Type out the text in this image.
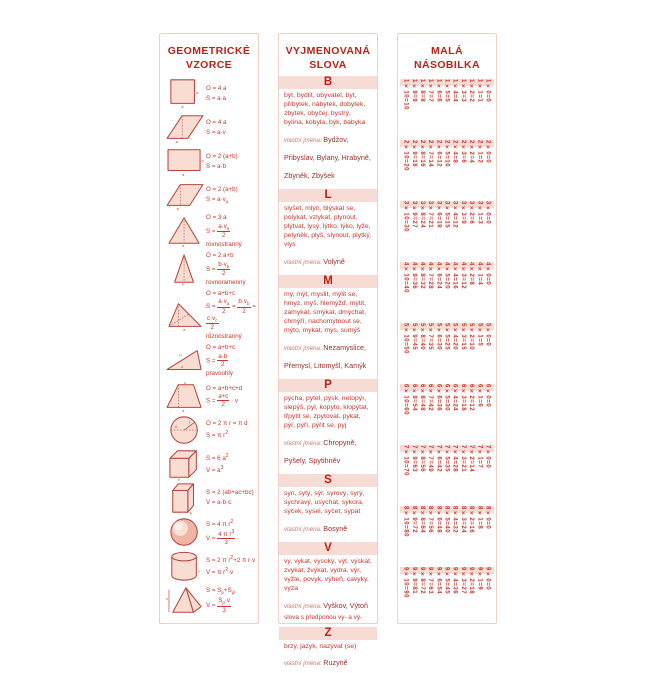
GEOMETRICKÉ VZORCE
a
a
O = 4 a
S = a·a
a
O = 4 a
S = a·v
b
a
O = 2 (a+b)
S = a·b
a
O = 2 (a+b)
$S = a\cdot v_a$
a
O = 3 a
$S = \frac{a\cdot v_a}{2}$
rovnostranný
b
O = 2 a+b
$S = \frac{b\cdot v_b}{2}$
rovnoramenný
a
O = a+b+c
$S = \frac{a\cdot v_a}{2} = \frac{b\cdot v_b}{2}$ =
$\frac{c\cdot v_c}{2}$
různostranný
c
b
O = a+b+c
$S = \frac{a\cdot b}{2}$
pravoúhlý
c
a
O = a+b+c+d
$S = \frac{a+c}{2} \cdot v$
r
d	O = 2 π r = π d
S = π $r^2$
a
S = 6 $a^2$
$V = a^3$
b
S = 2 (ab+ac+bc)
V = a·b·c
S = 4 π $r^2$
$V = \frac{4 \pi r^3}{3}$
v
S = 2 π $r^2+2$ π r·v
V = π $r^2\cdot v$
v
$S = S_p+S_{pl}$
$V = \frac{S_p\cdot v}{3}$
VYJMENOVANÁ SLOVA
B
být, bydlit, obyvatel, byt, příbytek, nábytek, dobytek, zbytek, obyčej, bystrý, bylina, kobyla, býk, babyka
vlastní jména: Bydžov, Přibyslav, Bylany, Hrabyně, Zbyněk, Zbyšek
L
slyšet, mlýn, blýskat se, polykat, vzlykat, plynout, plýtvat, lysý, lýtko, lýko, lyže, pelyněk, plyš, slynout, plytký, vlys
vlastní jména: Volyně
M
my, mýt, myslit, mýlit se, hmyz, myš, hlemýžď, mýtit, zamykat, smýkat, dmýchat, chmýří, nachomýtnout se, mýto, mykat, mys, sumýš
vlastní jména: Nezamyslice, Přemysl, Litomyšl, Kamýk
P
pýcha, pytel, pysk, netopýr, slepýš, pyl, kopyto, klopýtat, třpytit se, zpytovat, pykat, pýr, pýří, pýřit se, pyj
vlastní jména: Chropyně, Pyšely, Spytihněv
S
syn, sytý, sýr, syrový, syrý, sychravý, usychat, sýkora, sýček, sysel, syčet, sypat
vlastní jména: Bosyně
V
vy, vykat, vysoký, výt, výskat, zvykat, žvýkat, vydra, výr, vyžle, povyk, výheň, cavyky, vyza
vlastní jména: Vyškov, Výtoň
slova s předponou vy- a vý-
Z
brzy, jazyk, nazývat (se)
vlastní jména: Ruzyně
MALÁ NÁSOBILKA
1×10=10 1×9=9 1×8=8 1×7=7 1×6=6 1×5=5 1×4=4 1×3=3 1×2=2 1×1=1 1×0=0
2×10=20 2×9=18 2×8=16 2×7=14 2×6=12 2×5=10 2×4=8 2×3=6 2×2=4 2×1=2 2×0=0
3×10=30 3×9=27 3×8=24 3×7=21 3×6=18 3×5=15 3×4=12 3×3=9 3×2=6 3×1=3 3×0=0
4×10=40 4×9=36 4×8=32 4×7=28 4×6=24 4×5=20 4×4=16 4×3=12 4×2=8 4×1=4 4×0=0
5×10=50 5×9=45 5×8=40 5×7=35 5×6=30 5×5=25 5×4=20 5×3=15 5×2=10 5×1=5 5×0=0
6×10=60 6×9=54 6×8=48 6×7=42 6×6=36 6×5=30 6×4=24 6×3=18 6×2=12 6×1=6 6×0=0
7×10=70 7×9=63 7×8=56 7×7=49 7×6=42 7×5=35 7×4=28 7×3=21 7×2=14 7×1=7 7×0=0
8×10=80 8×9=72 8×8=64 8×7=56 8×6=48 8×5=40 8×4=32 8×3=24 8×2=16 8×1=8 8×0=0
9×10=90 9×9=81 9×8=72 9×7=63 9×6=54 9×5=45 9×4=36 9×3=27 9×2=18 9×1=9 9×0=0
